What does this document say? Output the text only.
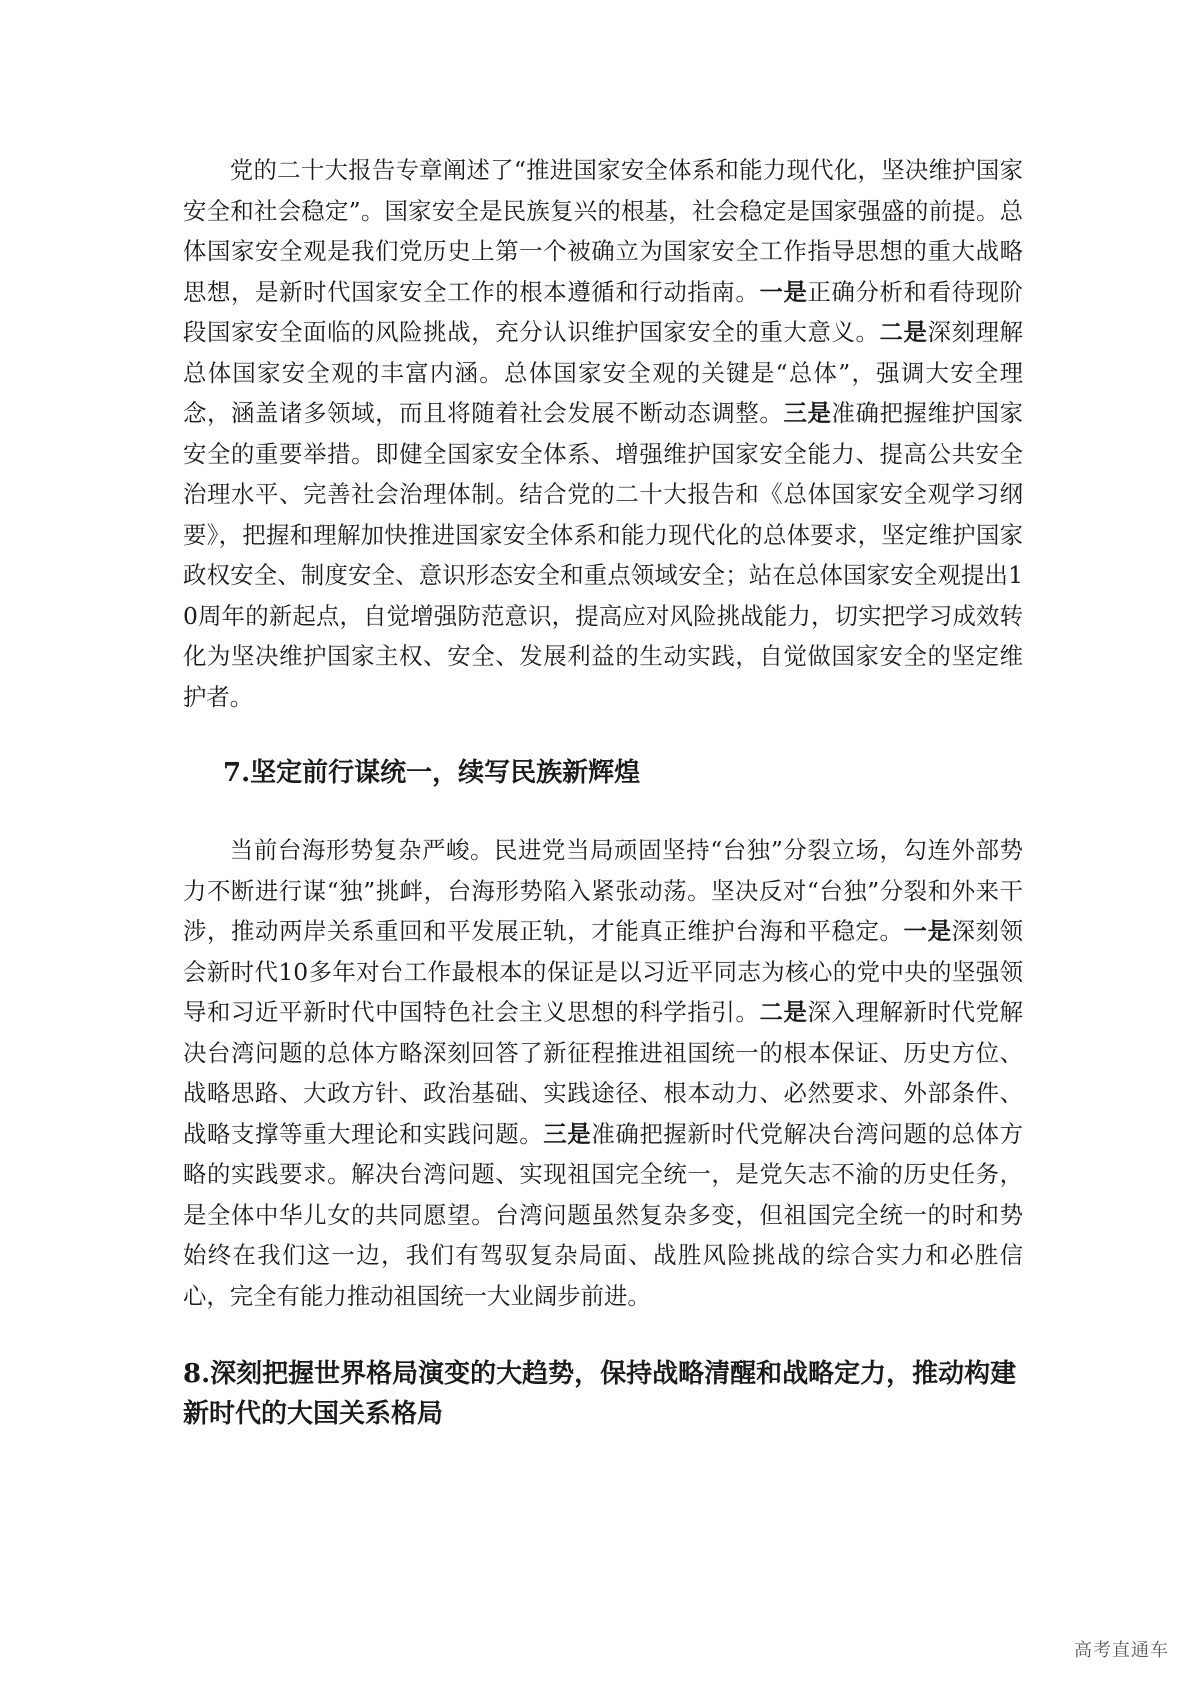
党的二十大报告专章阐述了“推进国家安全体系和能力现代化，坚决维护国家安全和社会稳定”。国家安全是民族复兴的根基，社会稳定是国家强盛的前提。总体国家安全观是我们党历史上第一个被确立为国家安全工作指导思想的重大战略思想，是新时代国家安全工作的根本遵循和行动指南。一是正确分析和看待现阶段国家安全面临的风险挑战，充分认识维护国家安全的重大意义。二是深刻理解总体国家安全观的丰富内涵。总体国家安全观的关键是“总体”，强调大安全理念，涵盖诸多领域，而且将随着社会发展不断动态调整。三是准确把握维护国家安全的重要举措。即健全国家安全体系、增强维护国家安全能力、提高公共安全治理水平、完善社会治理体制。结合党的二十大报告和《总体国家安全观学习纲要》，把握和理解加快推进国家安全体系和能力现代化的总体要求，坚定维护国家政权安全、制度安全、意识形态安全和重点领域安全；站在总体国家安全观提出10周年的新起点，自觉增强防范意识，提高应对风险挑战能力，切实把学习成效转化为坚决维护国家主权、安全、发展利益的生动实践，自觉做国家安全的坚定维护者。

7.坚定前行谋统一，续写民族新辉煌

当前台海形势复杂严峻。民进党当局顽固坚持“台独”分裂立场，勾连外部势力不断进行谋“独”挑衅，台海形势陷入紧张动荡。坚决反对“台独”分裂和外来干涉，推动两岸关系重回和平发展正轨，才能真正维护台海和平稳定。一是深刻领会新时代10多年对台工作最根本的保证是以习近平同志为核心的党中央的坚强领导和习近平新时代中国特色社会主义思想的科学指引。二是深入理解新时代党解决台湾问题的总体方略深刻回答了新征程推进祖国统一的根本保证、历史方位、战略思路、大政方针、政治基础、实践途径、根本动力、必然要求、外部条件、战略支撑等重大理论和实践问题。三是准确把握新时代党解决台湾问题的总体方略的实践要求。解决台湾问题、实现祖国完全统一，是党矢志不渝的历史任务，是全体中华儿女的共同愿望。台湾问题虽然复杂多变，但祖国完全统一的时和势始终在我们这一边，我们有驾驭复杂局面、战胜风险挑战的综合实力和必胜信心，完全有能力推动祖国统一大业阔步前进。

8.深刻把握世界格局演变的大趋势，保持战略清醒和战略定力，推动构建新时代的大国关系格局
高考直通车
